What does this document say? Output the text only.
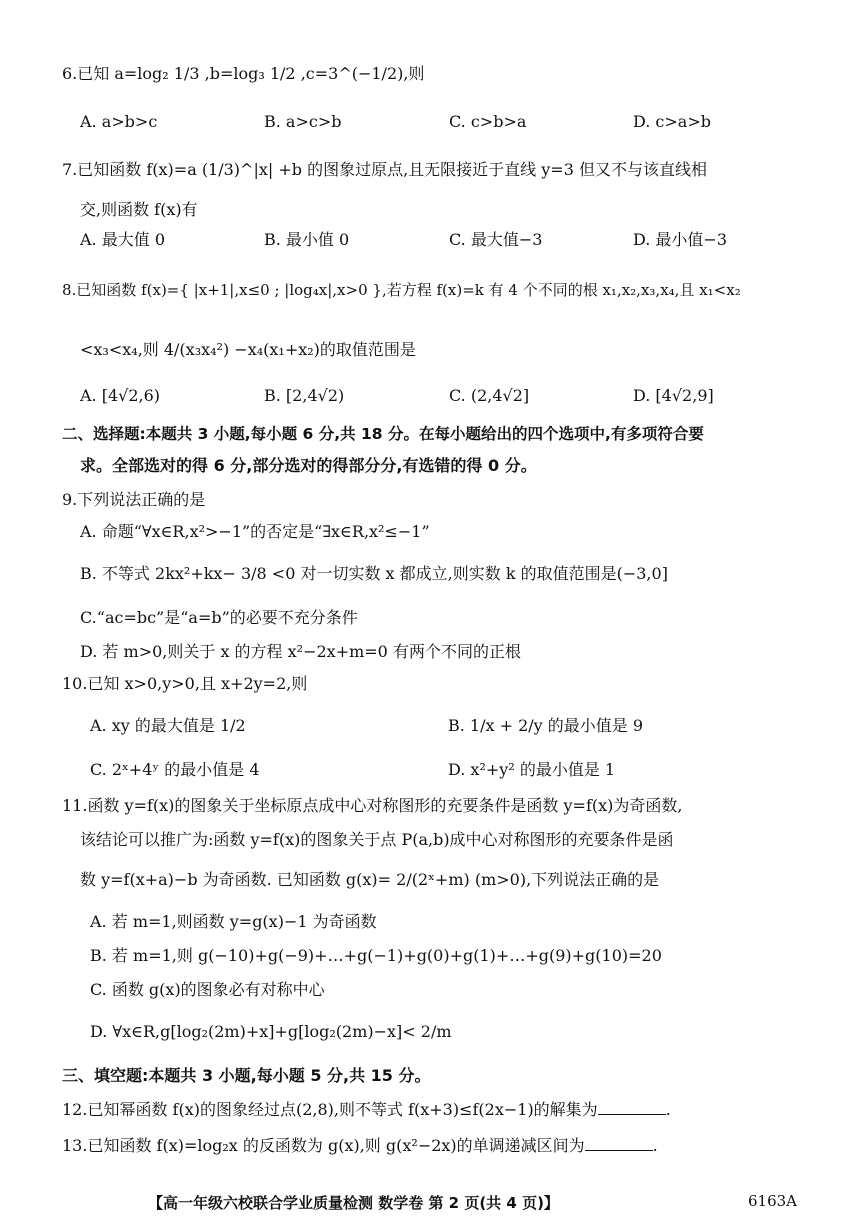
6.已知 a=log₂ 1/3 ,b=log₃ 1/2 ,c=3^(−1/2),则
A. a>b>c	B. a>c>b	C. c>b>a	D. c>a>b
7.已知函数 f(x)=a (1/3)^|x| +b 的图象过原点,且无限接近于直线 y=3 但又不与该直线相
交,则函数 f(x)有
A. 最大值 0	B. 最小值 0	C. 最大值−3	D. 最小值−3
8.已知函数 f(x)={ |x+1|,x≤0 ; |log₄x|,x>0 },若方程 f(x)=k 有 4 个不同的根 x₁,x₂,x₃,x₄,且 x₁<x₂
<x₃<x₄,则 4/(x₃x₄²) −x₄(x₁+x₂)的取值范围是
A. [4√2,6)	B. [2,4√2)	C. (2,4√2]	D. [4√2,9]
二、选择题:本题共 3 小题,每小题 6 分,共 18 分。在每小题给出的四个选项中,有多项符合要
求。全部选对的得 6 分,部分选对的得部分分,有选错的得 0 分。
9.下列说法正确的是
A. 命题“∀x∈R,x²>−1”的否定是“∃x∈R,x²≤−1”
B. 不等式 2kx²+kx− 3/8 <0 对一切实数 x 都成立,则实数 k 的取值范围是(−3,0]
C.“ac=bc”是“a=b”的必要不充分条件
D. 若 m>0,则关于 x 的方程 x²−2x+m=0 有两个不同的正根
10.已知 x>0,y>0,且 x+2y=2,则
A. xy 的最大值是 1/2	B. 1/x + 2/y 的最小值是 9
C. 2ˣ+4ʸ 的最小值是 4	D. x²+y² 的最小值是 1
11.函数 y=f(x)的图象关于坐标原点成中心对称图形的充要条件是函数 y=f(x)为奇函数,
该结论可以推广为:函数 y=f(x)的图象关于点 P(a,b)成中心对称图形的充要条件是函
数 y=f(x+a)−b 为奇函数. 已知函数 g(x)= 2/(2ˣ+m) (m>0),下列说法正确的是
A. 若 m=1,则函数 y=g(x)−1 为奇函数
B. 若 m=1,则 g(−10)+g(−9)+…+g(−1)+g(0)+g(1)+…+g(9)+g(10)=20
C. 函数 g(x)的图象必有对称中心
D. ∀x∈R,g[log₂(2m)+x]+g[log₂(2m)−x]< 2/m
三、填空题:本题共 3 小题,每小题 5 分,共 15 分。
12.已知幂函数 f(x)的图象经过点(2,8),则不等式 f(x+3)≤f(2x−1)的解集为	.
13.已知函数 f(x)=log₂x 的反函数为 g(x),则 g(x²−2x)的单调递减区间为	.
【高一年级六校联合学业质量检测 数学卷 第 2 页(共 4 页)】	6163A
